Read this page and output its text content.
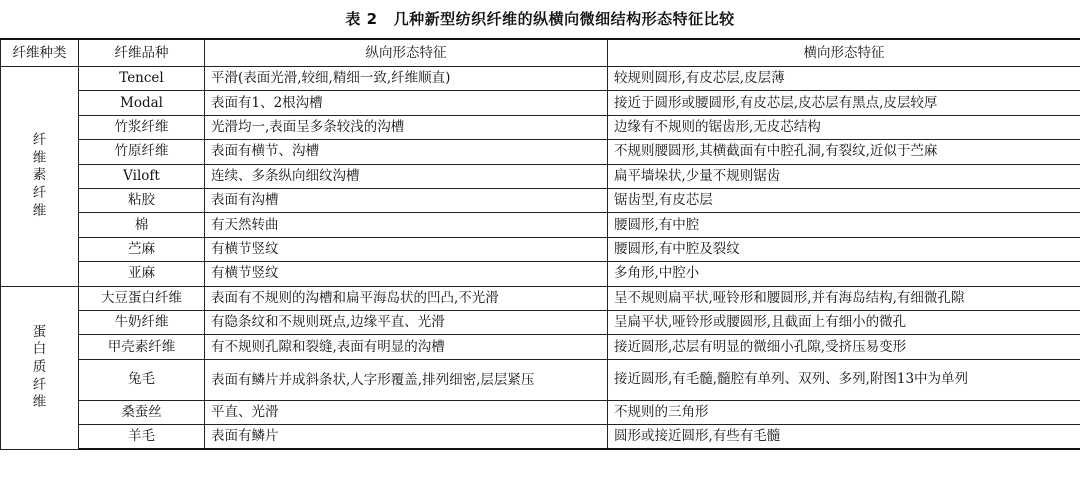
表 2 几种新型纺织纤维的纵横向微细结构形态特征比较
纤维种类	纤维品种	纵向形态特征	横向形态特征
纤维素纤维	Tencel	平滑(表面光滑,较细,精细一致,纤维顺直)	较规则圆形,有皮芯层,皮层薄
	Modal	表面有1、2根沟槽	接近于圆形或腰圆形,有皮芯层,皮芯层有黑点,皮层较厚
	竹浆纤维	光滑均一,表面呈多条较浅的沟槽	边缘有不规则的锯齿形,无皮芯结构
	竹原纤维	表面有横节、沟槽	不规则腰圆形,其横截面有中腔孔洞,有裂纹,近似于苎麻
	Viloft	连续、多条纵向细纹沟槽	扁平墙垛状,少量不规则锯齿
	粘胶	表面有沟槽	锯齿型,有皮芯层
	棉	有天然转曲	腰圆形,有中腔
	苎麻	有横节竖纹	腰圆形,有中腔及裂纹
	亚麻	有横节竖纹	多角形,中腔小
蛋白质纤维	大豆蛋白纤维	表面有不规则的沟槽和扁平海岛状的凹凸,不光滑	呈不规则扁平状,哑铃形和腰圆形,并有海岛结构,有细微孔隙
	牛奶纤维	有隐条纹和不规则斑点,边缘平直、光滑	呈扁平状,哑铃形或腰圆形,且截面上有细小的微孔
	甲壳素纤维	有不规则孔隙和裂缝,表面有明显的沟槽	接近圆形,芯层有明显的微细小孔隙,受挤压易变形
	兔毛	表面有鳞片并成斜条状,人字形覆盖,排列细密,层层紧压	接近圆形,有毛髓,髓腔有单列、双列、多列,附图13中为单列
	桑蚕丝	平直、光滑	不规则的三角形
	羊毛	表面有鳞片	圆形或接近圆形,有些有毛髓
